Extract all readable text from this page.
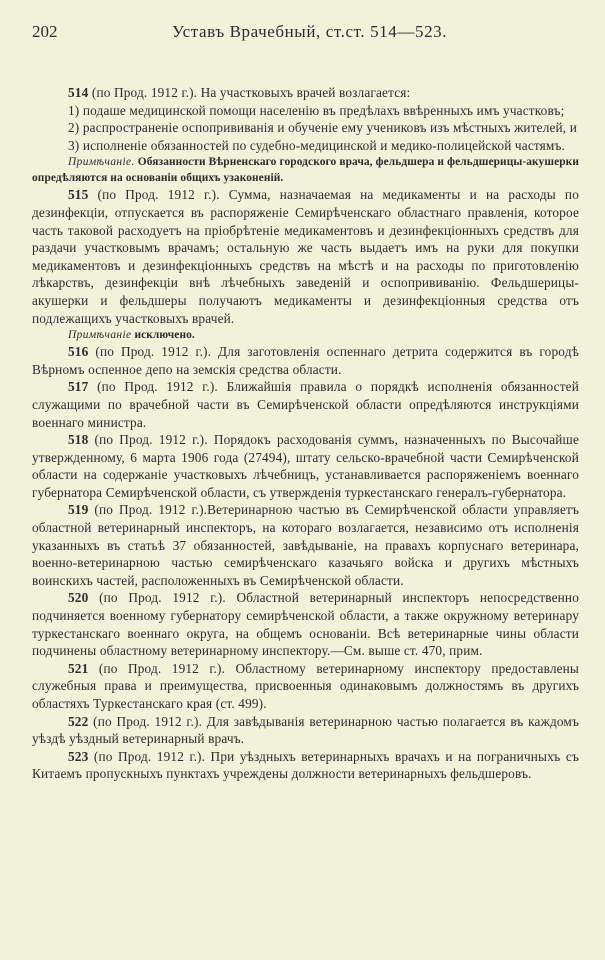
202	Уставъ Врачебный, ст.ст. 514—523.

514 (по Прод. 1912 г.). На участковыхъ врачей возлагается:

1) подаше медицинской помощи населенію въ предѣлахъ ввѣренныхъ имъ участковъ;

2) распространеніе оспопрививанія и обученіе ему учениковъ изъ мѣстныхъ жителей, и

3) исполненіе обязанностей по судебно-медицинской и медико-полицейской частямъ.

Примѣчаніе. Обязанности Вѣрненскаго городского врача, фельдшера и фельдшерицы-акушерки опредѣляются на основаніи общихъ узаконеній.

515 (по Прод. 1912 г.). Сумма, назначаемая на медикаменты и на расходы по дезинфекціи, отпускается въ распоряженіе Семирѣченскаго областнаго правленія, которое часть таковой расходуетъ на пріобрѣтеніе медикаментовъ и дезинфекціонныхъ средствъ для раздачи участковымъ врачамъ; остальную же часть выдаетъ имъ на руки для покупки медикаментовъ и дезинфекціонныхъ средствъ на мѣстѣ и на расходы по приготовленію лѣкарствъ, дезинфекціи внѣ лѣчебныхъ заведеній и оспопрививанію. Фельдшерицы-акушерки и фельдшеры получаютъ медикаменты и дезинфекціонныя средства отъ подлежащихъ участковыхъ врачей.

Примѣчаніе исключено.

516 (по Прод. 1912 г.). Для заготовленія оспеннаго детрита содержится въ городѣ Вѣрномъ оспенное депо на земскія средства области.

517 (по Прод. 1912 г.). Ближайшія правила о порядкѣ исполненія обязанностей служащими по врачебной части въ Семирѣченской области опредѣляются инструкціями военнаго министра.

518 (по Прод. 1912 г.). Порядокъ расходованія суммъ, назначенныхъ по Высочайше утвержденному, 6 марта 1906 года (27494), штату сельско-врачебной части Семирѣченской области на содержаніе участковыхъ лѣчебницъ, устанавливается распоряженіемъ военнаго губернатора Семирѣченской области, съ утвержденія туркестанскаго генералъ-губернатора.

519 (по Прод. 1912 г.).Ветеринарною частью въ Семирѣченской области управляетъ областной ветеринарный инспекторъ, на котораго возлагается, независимо отъ исполненія указанныхъ въ статьѣ 37 обязанностей, завѣдываніе, на правахъ корпуснаго ветеринара, военно-ветеринарною частью семирѣченскаго казачьяго войска и другихъ мѣстныхъ воинскихъ частей, расположенныхъ въ Семирѣченской области.

520 (по Прод. 1912 г.). Областной ветеринарный инспекторъ непосредственно подчиняется военному губернатору семирѣченской области, а также окружному ветеринару туркестанскаго военнаго округа, на общемъ основаніи. Всѣ ветеринарные чины области подчинены областному ветеринарному инспектору.—См. выше ст. 470, прим.

521 (по Прод. 1912 г.). Областному ветеринарному инспектору предоставлены служебныя права и преимущества, присвоенныя одинаковымъ должностямъ въ другихъ областяхъ Туркестанскаго края (ст. 499).

522 (по Прод. 1912 г.). Для завѣдыванія ветеринарною частью полагается въ каждомъ уѣздѣ уѣздный ветеринарный врачъ.

523 (по Прод. 1912 г.). При уѣздныхъ ветеринарныхъ врачахъ и на пограничныхъ съ Китаемъ пропускныхъ пунктахъ учреждены должности ветеринарныхъ фельдшеровъ.
